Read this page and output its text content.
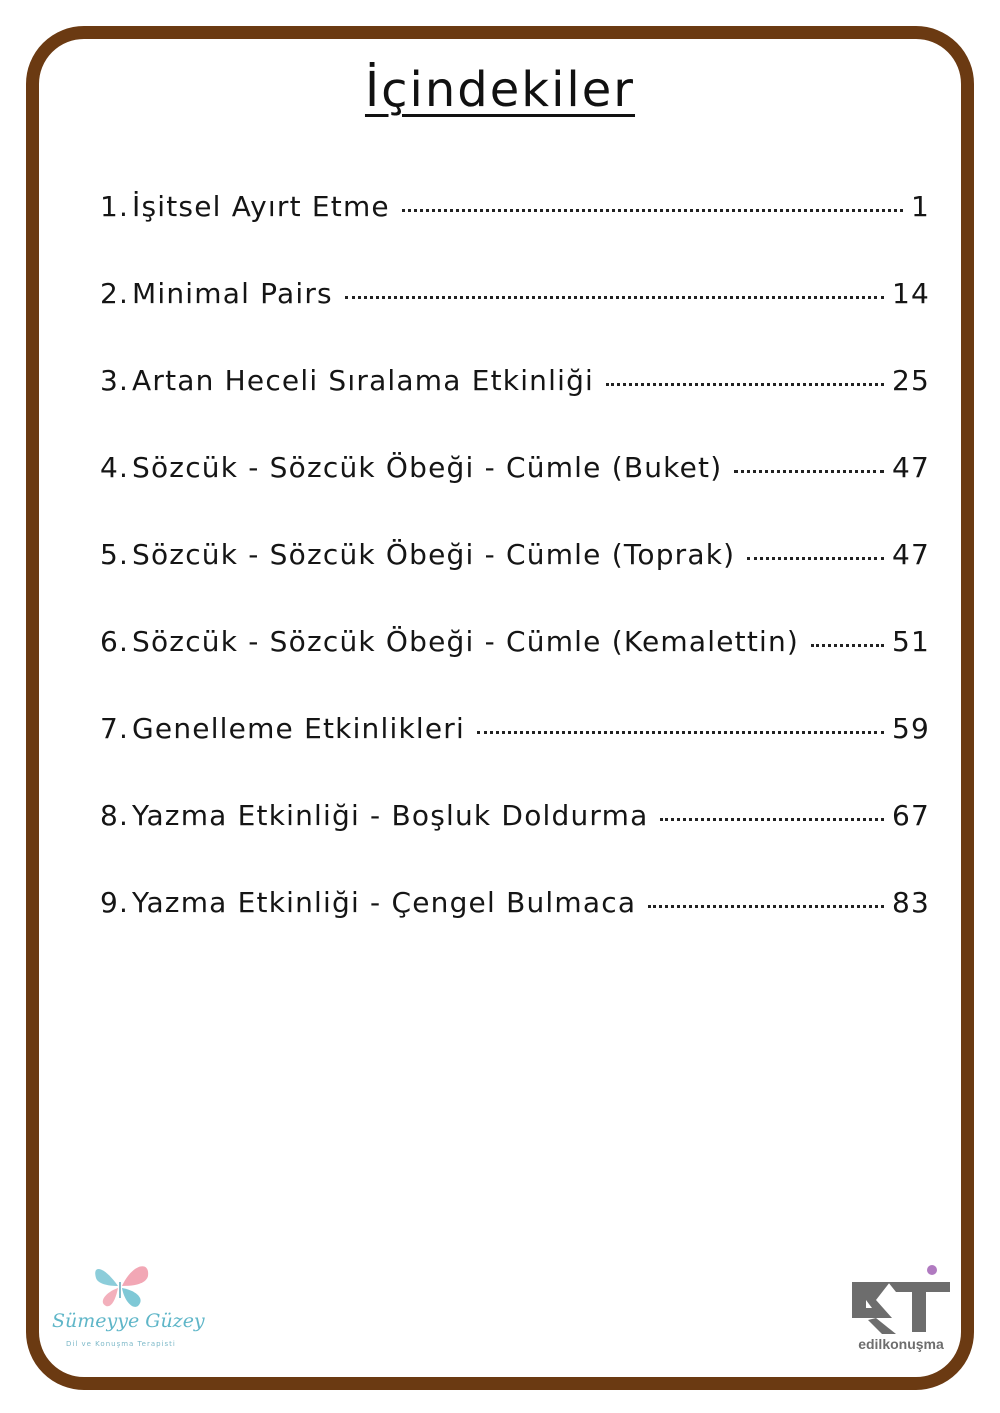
İçindekiler
1. İşitsel Ayırt Etme	1
2. Minimal Pairs	14
3. Artan Heceli Sıralama Etkinliği	25
4. Sözcük - Sözcük Öbeği - Cümle (Buket)	47
5. Sözcük - Sözcük Öbeği - Cümle (Toprak)	47
6. Sözcük - Sözcük Öbeği - Cümle (Kemalettin)	51
7. Genelleme Etkinlikleri	59
8. Yazma Etkinliği - Boşluk Doldurma	67
9. Yazma Etkinliği - Çengel Bulmaca	83
Sümeyye Güzey
Dil ve Konuşma Terapisti	edilkonuşma
